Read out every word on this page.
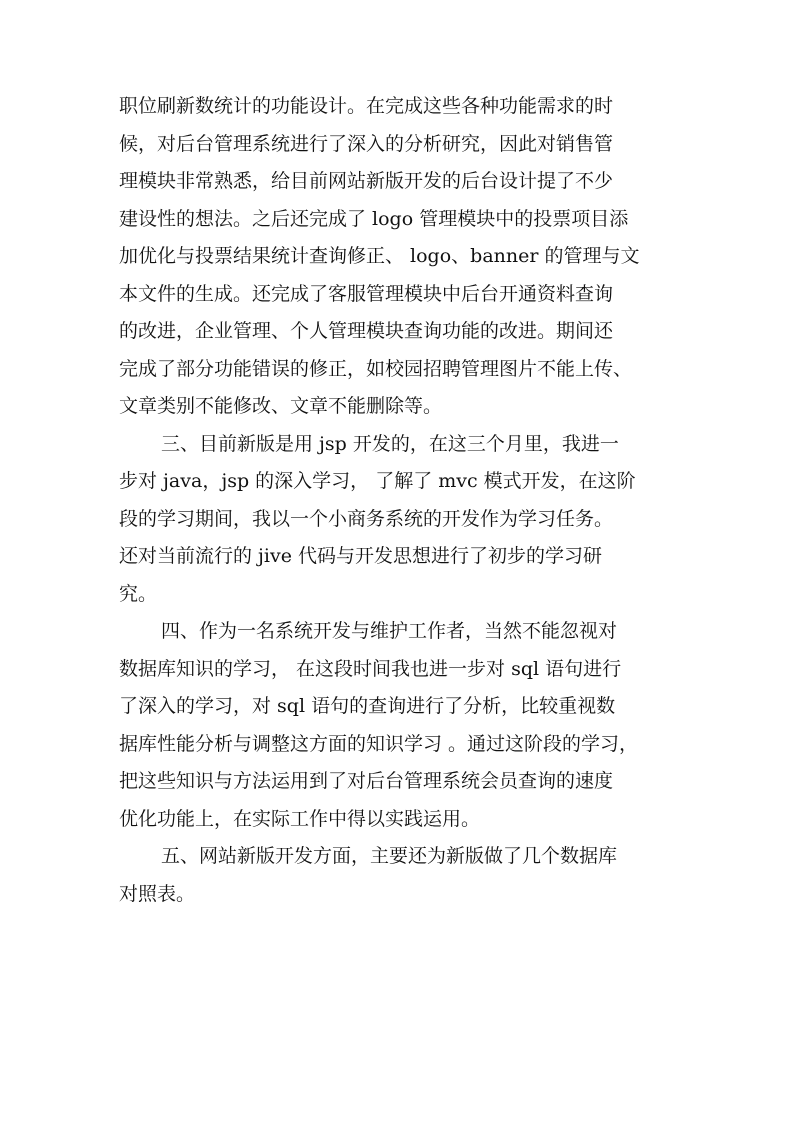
职位刷新数统计的功能设计。在完成这些各种功能需求的时
候，对后台管理系统进行了深入的分析研究，因此对销售管
理模块非常熟悉，给目前网站新版开发的后台设计提了不少
建设性的想法。之后还完成了 logo 管理模块中的投票项目添
加优化与投票结果统计查询修正、 logo、banner 的管理与文
本文件的生成。还完成了客服管理模块中后台开通资料查询
的改进，企业管理、个人管理模块查询功能的改进。期间还
完成了部分功能错误的修正，如校园招聘管理图片不能上传、
文章类别不能修改、文章不能删除等。
三、目前新版是用 jsp 开发的，在这三个月里，我进一
步对 java，jsp 的深入学习， 了解了 mvc 模式开发，在这阶
段的学习期间，我以一个小商务系统的开发作为学习任务。
还对当前流行的 jive 代码与开发思想进行了初步的学习研
究。
四、作为一名系统开发与维护工作者，当然不能忽视对
数据库知识的学习， 在这段时间我也进一步对 sql 语句进行
了深入的学习，对 sql 语句的查询进行了分析，比较重视数
据库性能分析与调整这方面的知识学习 。通过这阶段的学习，
把这些知识与方法运用到了对后台管理系统会员查询的速度
优化功能上，在实际工作中得以实践运用。
五、网站新版开发方面，主要还为新版做了几个数据库
对照表。
